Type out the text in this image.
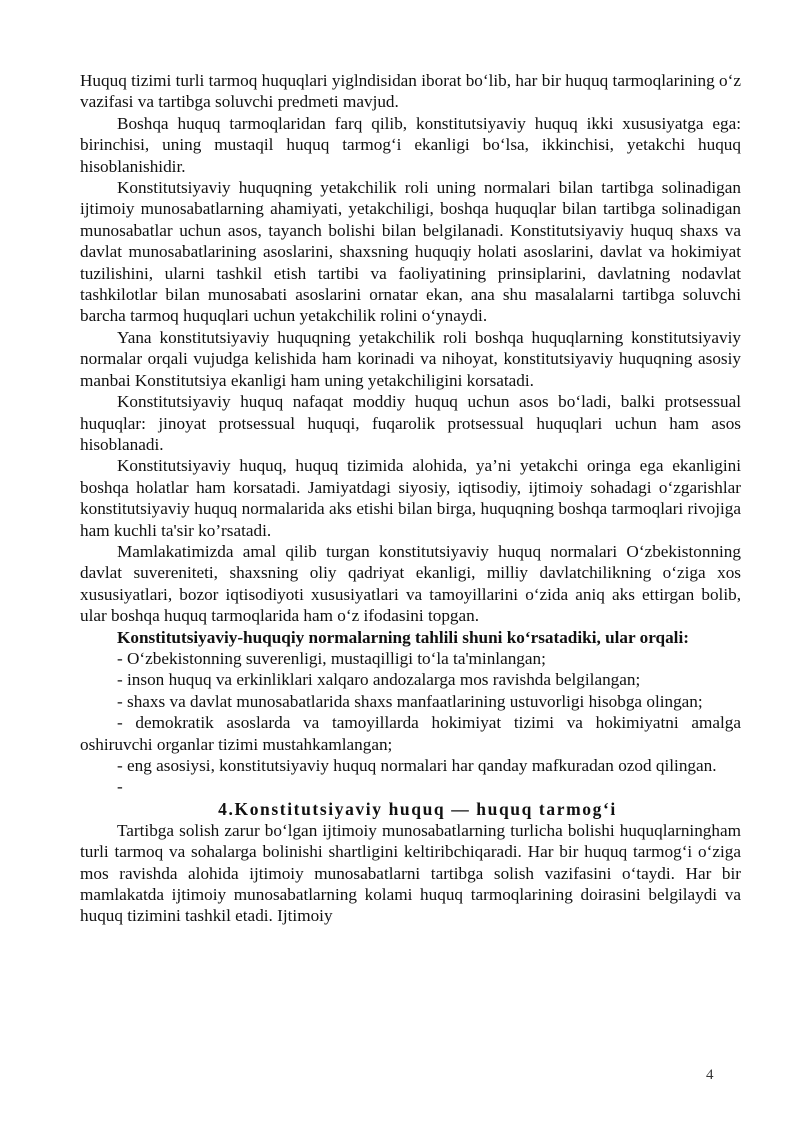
Huquq tizimi turli tarmoq huquqlari yiglndisidan iborat bo‘lib, har bir huquq tarmoqlarining o‘z vazifasi va tartibga soluvchi predmeti mavjud.

Boshqa huquq tarmoqlaridan farq qilib, konstitutsiyaviy huquq ikki xususiyatga ega: birinchisi, uning mustaqil huquq tarmog‘i ekanligi bo‘lsa, ikkinchisi, yetakchi huquq hisoblanishidir.

Konstitutsiyaviy huquqning yetakchilik roli uning normalari bilan tartibga solinadigan ijtimoiy munosabatlarning ahamiyati, yetakchiligi, boshqa huquqlar bilan tartibga solinadigan munosabatlar uchun asos, tayanch bolishi bilan belgilanadi. Konstitutsiyaviy huquq shaxs va davlat munosabatlarining asoslarini, shaxsning huquqiy holati asoslarini, davlat va hokimiyat tuzilishini, ularni tashkil etish tartibi va faoliyatining prinsiplarini, davlatning nodavlat tashkilotlar bilan munosabati asoslarini ornatar ekan, ana shu masalalarni tartibga soluvchi barcha tarmoq huquqlari uchun yetakchilik rolini o‘ynaydi.

Yana konstitutsiyaviy huquqning yetakchilik roli boshqa huquqlarning konstitutsiyaviy normalar orqali vujudga kelishida ham korinadi va nihoyat, konstitutsiyaviy huquqning asosiy manbai Konstitutsiya ekanligi ham uning yetakchiligini korsatadi.

Konstitutsiyaviy huquq nafaqat moddiy huquq uchun asos bo‘ladi, balki protsessual huquqlar: jinoyat protsessual huquqi, fuqarolik protsessual huquqlari uchun ham asos hisoblanadi.

Konstitutsiyaviy huquq, huquq tizimida alohida, ya’ni yetakchi oringa ega ekanligini boshqa holatlar ham korsatadi. Jamiyatdagi siyosiy, iqtisodiy, ijtimoiy sohadagi o‘zgarishlar konstitutsiyaviy huquq normalarida aks etishi bilan birga, huquqning boshqa tarmoqlari rivojiga ham kuchli ta'sir ko’rsatadi.

Mamlakatimizda amal qilib turgan konstitutsiyaviy huquq normalari O‘zbekistonning davlat suvereniteti, shaxsning oliy qadriyat ekanligi, milliy davlatchilikning o‘ziga xos xususiyatlari, bozor iqtisodiyoti xususiyatlari va tamoyillarini o‘zida aniq aks ettirgan bolib, ular boshqa huquq tarmoqlarida ham o‘z ifodasini topgan.

Konstitutsiyaviy-huquqiy normalarning tahlili shuni ko‘rsatadiki, ular orqali:

- O‘zbekistonning suverenligi, mustaqilligi to‘la ta'minlangan;

- inson huquq va erkinliklari xalqaro andozalarga mos ravishda belgilangan;

- shaxs va davlat munosabatlarida shaxs manfaatlarining ustuvorligi hisobga olingan;

- demokratik asoslarda va tamoyillarda hokimiyat tizimi va hokimiyatni amalga oshiruvchi organlar tizimi mustahkamlangan;

- eng asosiysi, konstitutsiyaviy huquq normalari har qanday mafkuradan ozod qilingan.

-

4.Konstitutsiyaviy huquq — huquq tarmog‘i

Tartibga solish zarur bo‘lgan ijtimoiy munosabatlarning turlicha bolishi huquqlarningham turli tarmoq va sohalarga bolinishi shartligini keltiribchiqaradi. Har bir huquq tarmog‘i o‘ziga mos ravishda alohida ijtimoiy munosabatlarni tartibga solish vazifasini o‘taydi. Har bir mamlakatda ijtimoiy munosabatlarning kolami huquq tarmoqlarining doirasini belgilaydi va huquq tizimini tashkil etadi. Ijtimoiy

4
